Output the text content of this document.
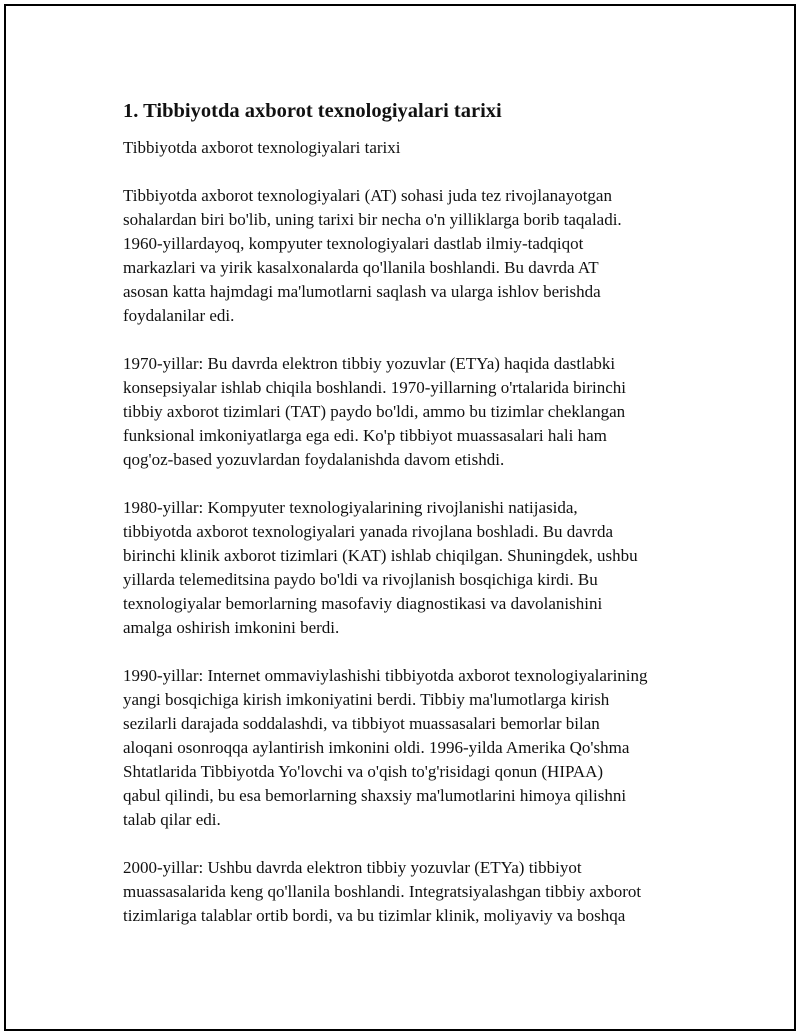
1. Tibbiyotda axborot texnologiyalari tarixi
Tibbiyotda axborot texnologiyalari tarixi
Tibbiyotda axborot texnologiyalari (AT) sohasi juda tez rivojlanayotgan
sohalardan biri bo'lib, uning tarixi bir necha o'n yilliklarga borib taqaladi.
1960-yillardayoq, kompyuter texnologiyalari dastlab ilmiy-tadqiqot
markazlari va yirik kasalxonalarda qo'llanila boshlandi. Bu davrda AT
asosan katta hajmdagi ma'lumotlarni saqlash va ularga ishlov berishda
foydalanilar edi.
1970-yillar: Bu davrda elektron tibbiy yozuvlar (ETYa) haqida dastlabki
konsepsiyalar ishlab chiqila boshlandi. 1970-yillarning o'rtalarida birinchi
tibbiy axborot tizimlari (TAT) paydo bo'ldi, ammo bu tizimlar cheklangan
funksional imkoniyatlarga ega edi. Ko'p tibbiyot muassasalari hali ham
qog'oz-based yozuvlardan foydalanishda davom etishdi.
1980-yillar: Kompyuter texnologiyalarining rivojlanishi natijasida,
tibbiyotda axborot texnologiyalari yanada rivojlana boshladi. Bu davrda
birinchi klinik axborot tizimlari (KAT) ishlab chiqilgan. Shuningdek, ushbu
yillarda telemeditsina paydo bo'ldi va rivojlanish bosqichiga kirdi. Bu
texnologiyalar bemorlarning masofaviy diagnostikasi va davolanishini
amalga oshirish imkonini berdi.
1990-yillar: Internet ommaviylashishi tibbiyotda axborot texnologiyalarining
yangi bosqichiga kirish imkoniyatini berdi. Tibbiy ma'lumotlarga kirish
sezilarli darajada soddalashdi, va tibbiyot muassasalari bemorlar bilan
aloqani osonroqqa aylantirish imkonini oldi. 1996-yilda Amerika Qo'shma
Shtatlarida Tibbiyotda Yo'lovchi va o'qish to'g'risidagi qonun (HIPAA)
qabul qilindi, bu esa bemorlarning shaxsiy ma'lumotlarini himoya qilishni
talab qilar edi.
2000-yillar: Ushbu davrda elektron tibbiy yozuvlar (ETYa) tibbiyot
muassasalarida keng qo'llanila boshlandi. Integratsiyalashgan tibbiy axborot
tizimlariga talablar ortib bordi, va bu tizimlar klinik, moliyaviy va boshqa
